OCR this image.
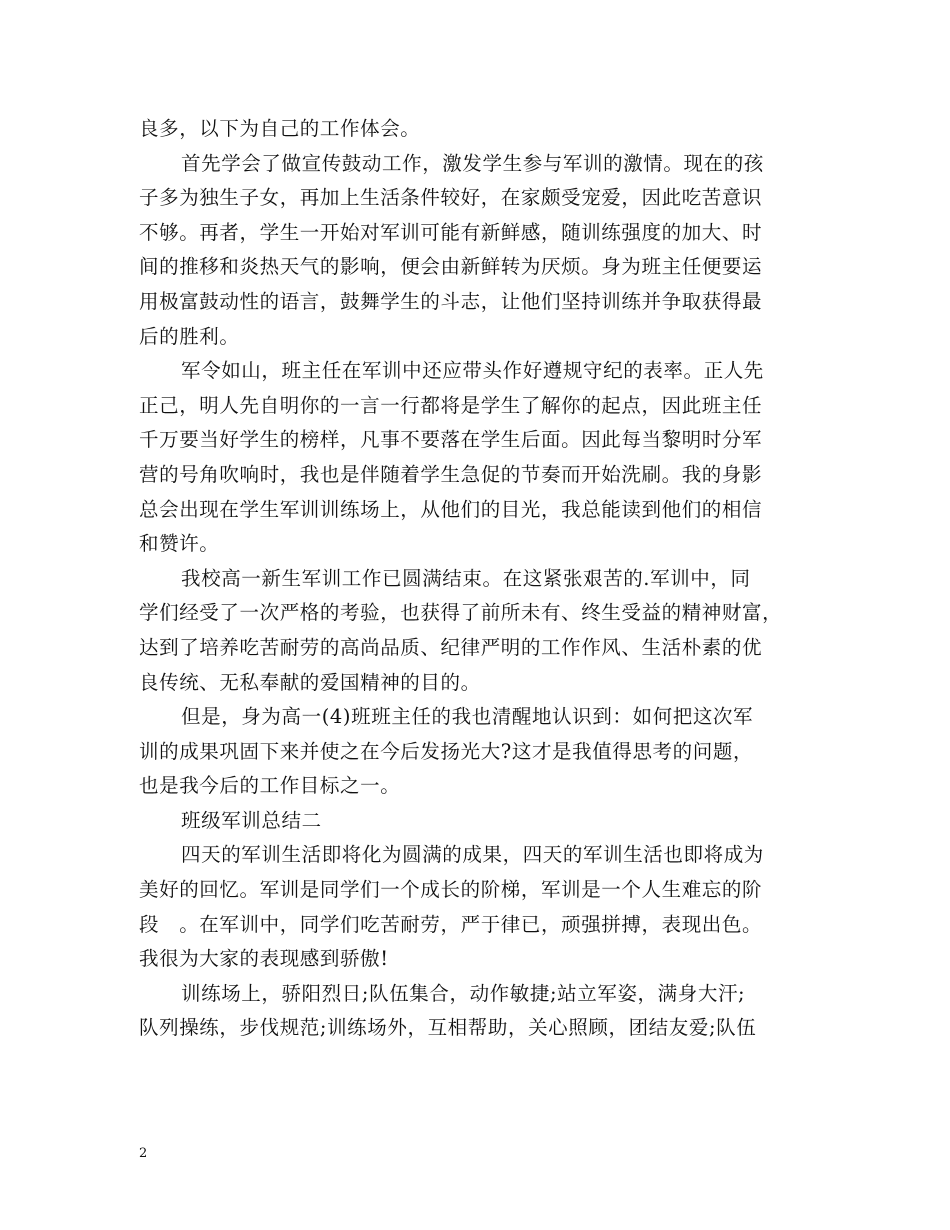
良多，以下为自己的工作体会。
首先学会了做宣传鼓动工作，激发学生参与军训的激情。现在的孩
子多为独生子女，再加上生活条件较好，在家颇受宠爱，因此吃苦意识
不够。再者，学生一开始对军训可能有新鲜感，随训练强度的加大、时
间的推移和炎热天气的影响，便会由新鲜转为厌烦。身为班主任便要运
用极富鼓动性的语言，鼓舞学生的斗志，让他们坚持训练并争取获得最
后的胜利。
军令如山，班主任在军训中还应带头作好遵规守纪的表率。正人先
正己，明人先自明你的一言一行都将是学生了解你的起点，因此班主任
千万要当好学生的榜样，凡事不要落在学生后面。因此每当黎明时分军
营的号角吹响时，我也是伴随着学生急促的节奏而开始洗刷。我的身影
总会出现在学生军训训练场上，从他们的目光，我总能读到他们的相信
和赞许。
我校高一新生军训工作已圆满结束。在这紧张艰苦的.军训中，同
学们经受了一次严格的考验，也获得了前所未有、终生受益的精神财富，
达到了培养吃苦耐劳的高尚品质、纪律严明的工作作风、生活朴素的优
良传统、无私奉献的爱国精神的目的。
但是，身为高一(4)班班主任的我也清醒地认识到：如何把这次军
训的成果巩固下来并使之在今后发扬光大?这才是我值得思考的问题，
也是我今后的工作目标之一。
班级军训总结二
四天的军训生活即将化为圆满的成果，四天的军训生活也即将成为
美好的回忆。军训是同学们一个成长的阶梯，军训是一个人生难忘的阶
段　。在军训中，同学们吃苦耐劳，严于律已，顽强拼搏，表现出色。
我很为大家的表现感到骄傲!
训练场上，骄阳烈日;队伍集合，动作敏捷;站立军姿，满身大汗;
队列操练，步伐规范;训练场外，互相帮助，关心照顾，团结友爱;队伍
2
